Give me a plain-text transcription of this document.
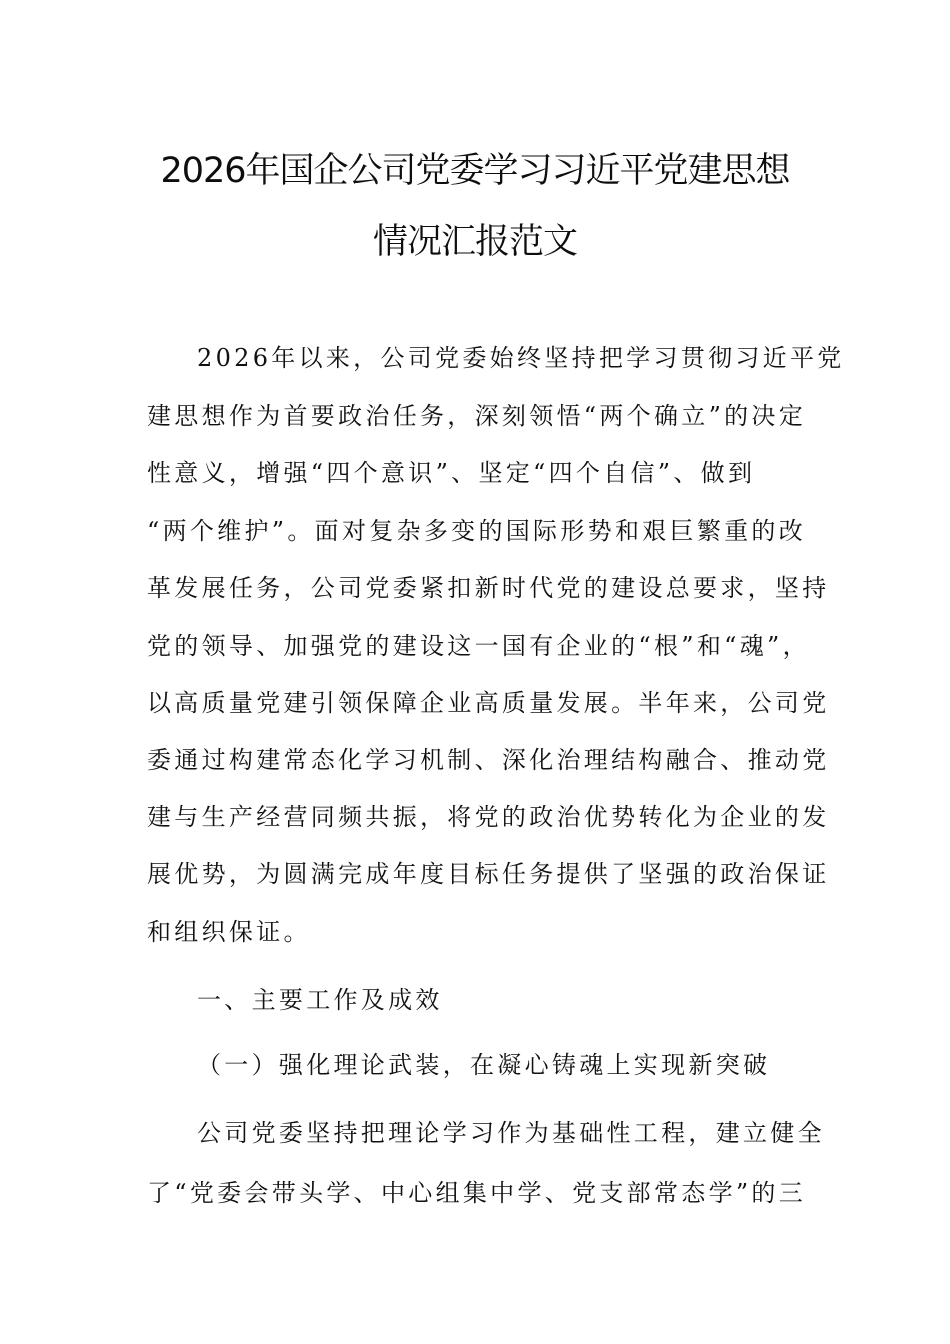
2026年国企公司党委学习习近平党建思想
情况汇报范文
2026年以来，公司党委始终坚持把学习贯彻习近平党
建思想作为首要政治任务，深刻领悟“两个确立”的决定
性意义，增强“四个意识”、坚定“四个自信”、做到
“两个维护”。面对复杂多变的国际形势和艰巨繁重的改
革发展任务，公司党委紧扣新时代党的建设总要求，坚持
党的领导、加强党的建设这一国有企业的“根”和“魂”，
以高质量党建引领保障企业高质量发展。半年来，公司党
委通过构建常态化学习机制、深化治理结构融合、推动党
建与生产经营同频共振，将党的政治优势转化为企业的发
展优势，为圆满完成年度目标任务提供了坚强的政治保证
和组织保证。
一、主要工作及成效
（一）强化理论武装，在凝心铸魂上实现新突破
公司党委坚持把理论学习作为基础性工程，建立健全
了“党委会带头学、中心组集中学、党支部常态学”的三
